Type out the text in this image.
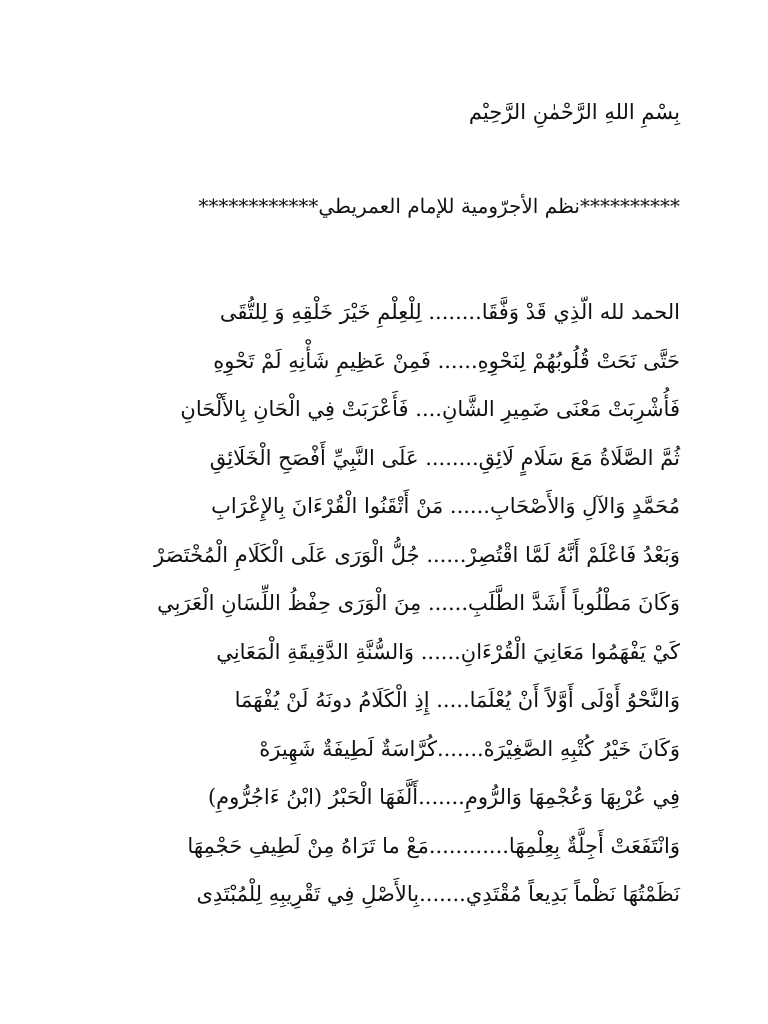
بِسْمِ اللهِ الرَّحْمٰنِ الرَّحِيْم
**********نظم الأجرّومية للإمام العمريطي************
الحمد لله الّذِي قَدْ وَفَّقَا........ لِلْعِلْمِ خَيْرَ خَلْقِهِ وَ لِلتُّقَى
حَتَّى نَحَتْ قُلُوبُهُمْ لِنَحْوِهِ...... فَمِنْ عَظِيمِ شَأْنِهِ لَمْ تَحْوِهِ
فَأُشْرِبَتْ مَعْنَى ضَمِيرِ الشَّانِ.... فَأَعْرَبَتْ فِي الْحَانِ بِالأَلْحَانِ
ثُمَّ الصَّلَاةُ مَعَ سَلَامٍ لَائِقِ........ عَلَى النَّبِيِّ أَفْصَحِ الْخَلَائِقِ
مُحَمَّدٍ وَالآلِ وَالأَصْحَابِ...... مَنْ أَتْقَنُوا الْقُرْءَانَ بِالإِعْرَابِ
وَبَعْدُ فَاعْلَمْ أَنَّهُ لَمَّا اقْتُصِرْ...... جُلُّ الْوَرَى عَلَى الْكَلَامِ الْمُخْتَصَرْ
وَكَانَ مَطْلُوباً أَشَدَّ الطَّلَبِ...... مِنَ الْوَرَى حِفْظُ اللِّسَانِ الْعَرَبِي
كَيْ يَفْهَمُوا مَعَانِيَ الْقُرْءَانِ...... وَالسُّنَّةِ الدَّقِيقَةِ الْمَعَانِي
وَالنَّحْوُ أَوْلَى أَوَّلاً أَنْ يُعْلَمَا..... إِذِ الْكَلَامُ دونَهُ لَنْ يُفْهَمَا
وَكَانَ خَيْرُ كُتْبِهِ الصَّغِيْرَهْ.......كُرَّاسَةٌ لَطِيفَةٌ شَهِيرَهْ
فِي عُرْبِهَا وَعُجْمِهَا وَالرُّومِ.......أَلَّفَهَا الْحَبْرُ (ابْنُ ءَاجُرُّومِ)
وَانْتَفَعَتْ أَجِلَّةٌ بِعِلْمِهَا............مَعْ ما تَرَاهُ مِنْ لَطِيفِ حَجْمِهَا
نَظَمْتُهَا نَظْماً بَدِيعاً مُقْتَدِي.......بِالأَصْلِ فِي تَقْرِيبِهِ لِلْمُبْتَدِى
